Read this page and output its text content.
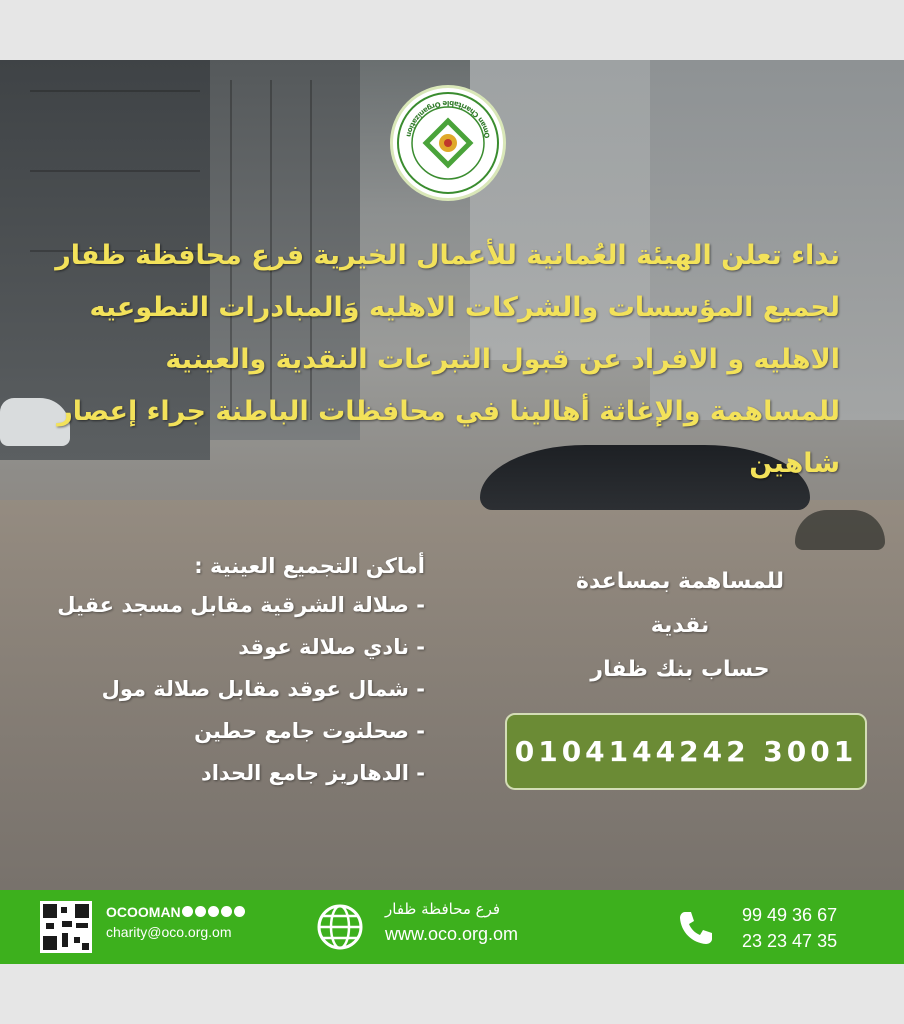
Oman Charitable Organization

نداء تعلن الهيئة العُمانية للأعمال الخيرية فرع محافظة ظفار لجميع المؤسسات والشركات الاهليه وَالمبادرات التطوعيه الاهليه و الافراد عن قبول التبرعات النقدية والعينية للمساهمة والإغاثة أهالينا في محافظات الباطنة جراء إعصار شاهين

أماكن التجميع العينية :
- صلالة الشرقية مقابل مسجد عقيل
- نادي صلالة عوقد
- شمال عوقد مقابل صلالة مول
- صحلنوت جامع حطين
- الدهاريز جامع الحداد
للمساهمة بمساعدة
نقدية
حساب بنك ظفار
0104144242 3001
OCOOMAN
charity@oco.org.om
فرع محافظة ظفار
www.oco.org.om
99 49 36 67
23 23 47 35
